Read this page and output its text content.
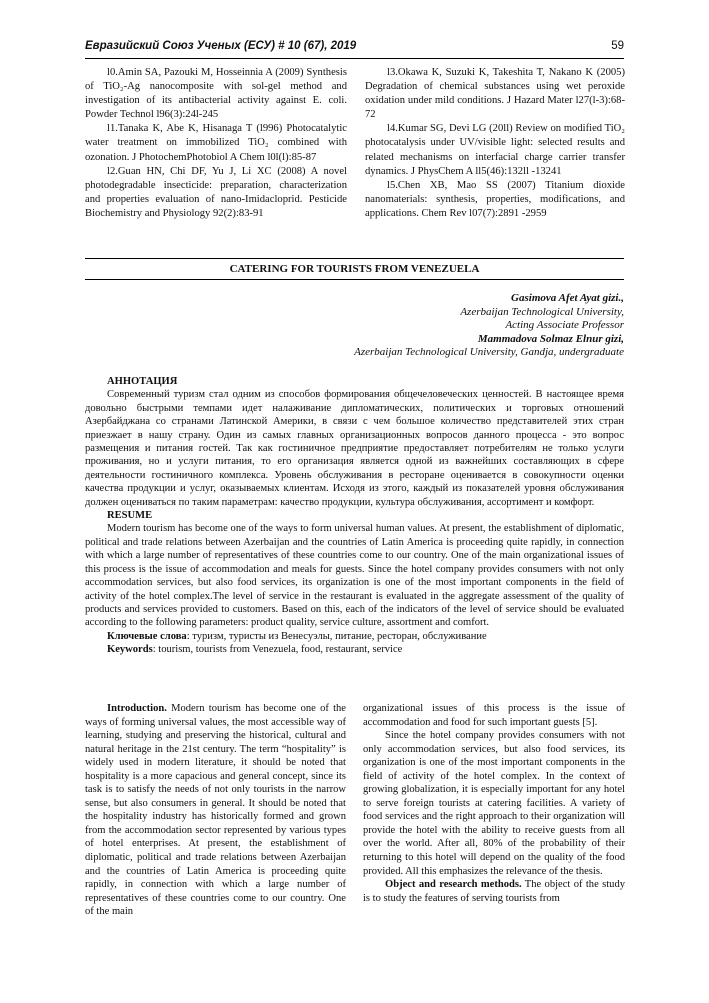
Евразийский Союз Ученых (ЕСУ) # 10 (67), 2019	59

l0.Amin SA, Pazouki M, Hosseinnia A (2009) Synthesis of TiO₂-Ag nanocomposite with sol-gel method and investigation of its antibacterial activity against E. coli. Powder Technol l96(3):24l-245

l1.Tanaka K, Abe K, Hisanaga T (l996) Photocatalytic water treatment on immobilized TiO₂ combined with ozonation. J PhotochemPhotobiol A Chem l0l(l):85-87

l2.Guan HN, Chi DF, Yu J, Li XC (2008) A novel photodegradable insecticide: preparation, characterization and properties evaluation of nano-Imidacloprid. Pesticide Biochemistry and Physiology 92(2):83-91

l3.Okawa K, Suzuki K, Takeshita T, Nakano K (2005) Degradation of chemical substances using wet peroxide oxidation under mild conditions. J Hazard Mater l27(l-3):68-72

l4.Kumar SG, Devi LG (20ll) Review on modified TiO₂ photocatalysis under UV/visible light: selected results and related mechanisms on interfacial charge carrier transfer dynamics. J PhysChem A ll5(46):132ll -13241

l5.Chen XB, Mao SS (2007) Titanium dioxide nanomaterials: synthesis, properties, modifications, and applications. Chem Rev l07(7):2891 -2959

CATERING FOR TOURISTS FROM VENEZUELA
Gasimova Afet Ayat gizi.,
Azerbaijan Technological University,
Acting Associate Professor
Mammadova Solmaz Elnur gizi,
Azerbaijan Technological University, Gandja, undergraduate

АННОТАЦИЯ

Современный туризм стал одним из способов формирования общечеловеческих ценностей. В настоящее время довольно быстрыми темпами идет налаживание дипломатических, политических и торговых отношений Азербайджана со странами Латинской Америки, в связи с чем большое количество представителей этих стран приезжает в нашу страну. Один из самых главных организационных вопросов данного процесса - это вопрос размещения и питания гостей. Так как гостиничное предприятие предоставляет потребителям не только услуги проживания, но и услуги питания, то его организация является одной из важнейших составляющих в сфере деятельности гостиничного комплекса. Уровень обслуживания в ресторане оценивается в совокупности оценки качества продукции и услуг, оказываемых клиентам. Исходя из этого, каждый из показателей уровня обслуживания должен оцениваться по таким параметрам: качество продукции, культура обслуживания, ассортимент и комфорт.

RESUME

Modern tourism has become one of the ways to form universal human values. At present, the establishment of diplomatic, political and trade relations between Azerbaijan and the countries of Latin America is proceeding quite rapidly, in connection with which a large number of representatives of these countries come to our country. One of the main organizational issues of this process is the issue of accommodation and meals for guests. Since the hotel company provides consumers with not only accommodation services, but also food services, its organization is one of the most important components in the field of activity of the hotel complex.The level of service in the restaurant is evaluated in the aggregate assessment of the quality of products and services provided to customers. Based on this, each of the indicators of the level of service should be evaluated according to the following parameters: product quality, service culture, assortment and comfort.

Ключевые слова: туризм, туристы из Венесуэлы, питание, ресторан, обслуживание

Keywords: tourism, tourists from Venezuela, food, restaurant, service

Introduction. Modern tourism has become one of the ways of forming universal values, the most accessible way of learning, studying and preserving the historical, cultural and natural heritage in the 21st century. The term “hospitality” is widely used in modern literature, it should be noted that hospitality is a more capacious and general concept, since its task is to satisfy the needs of not only tourists in the narrow sense, but also consumers in general. It should be noted that the hospitality industry has historically formed and grown from the accommodation sector represented by various types of hotel enterprises. At present, the establishment of diplomatic, political and trade relations between Azerbaijan and the countries of Latin America is proceeding quite rapidly, in connection with which a large number of representatives of these countries come to our country. One of the main

organizational issues of this process is the issue of accommodation and food for such important guests [5].

Since the hotel company provides consumers with not only accommodation services, but also food services, its organization is one of the most important components in the field of activity of the hotel complex. In the context of growing globalization, it is especially important for any hotel to serve foreign tourists at catering facilities. A variety of food services and the right approach to their organization will provide the hotel with the ability to receive guests from all over the world. After all, 80% of the probability of their returning to this hotel will depend on the quality of the food provided. All this emphasizes the relevance of the thesis.

Object and research methods. The object of the study is to study the features of serving tourists from
